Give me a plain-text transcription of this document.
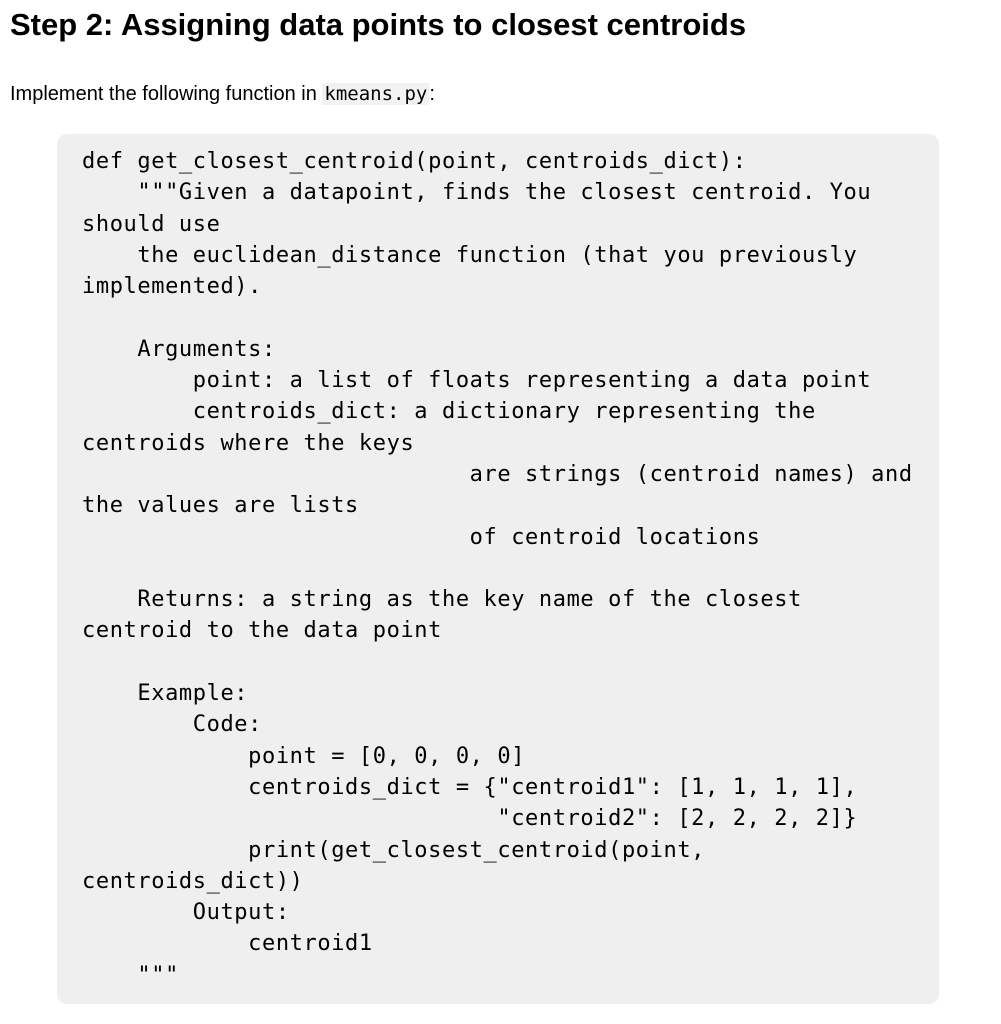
Step 2: Assigning data points to closest centroids

Implement the following function in kmeans.py :

def get_closest_centroid(point, centroids_dict):
"""Given a datapoint, finds the closest centroid. You
should use
the euclidean_distance function (that you previously
implemented).

Arguments:
point: a list of floats representing a data point
centroids_dict: a dictionary representing the
centroids where the keys
are strings (centroid names) and
the values are lists
of centroid locations

Returns: a string as the key name of the closest
centroid to the data point

Example:
Code:
point = [0, 0, 0, 0]
centroids_dict = {"centroid1": [1, 1, 1, 1],
"centroid2": [2, 2, 2, 2]}
print(get_closest_centroid(point,
centroids_dict))
Output:
centroid1
"""
